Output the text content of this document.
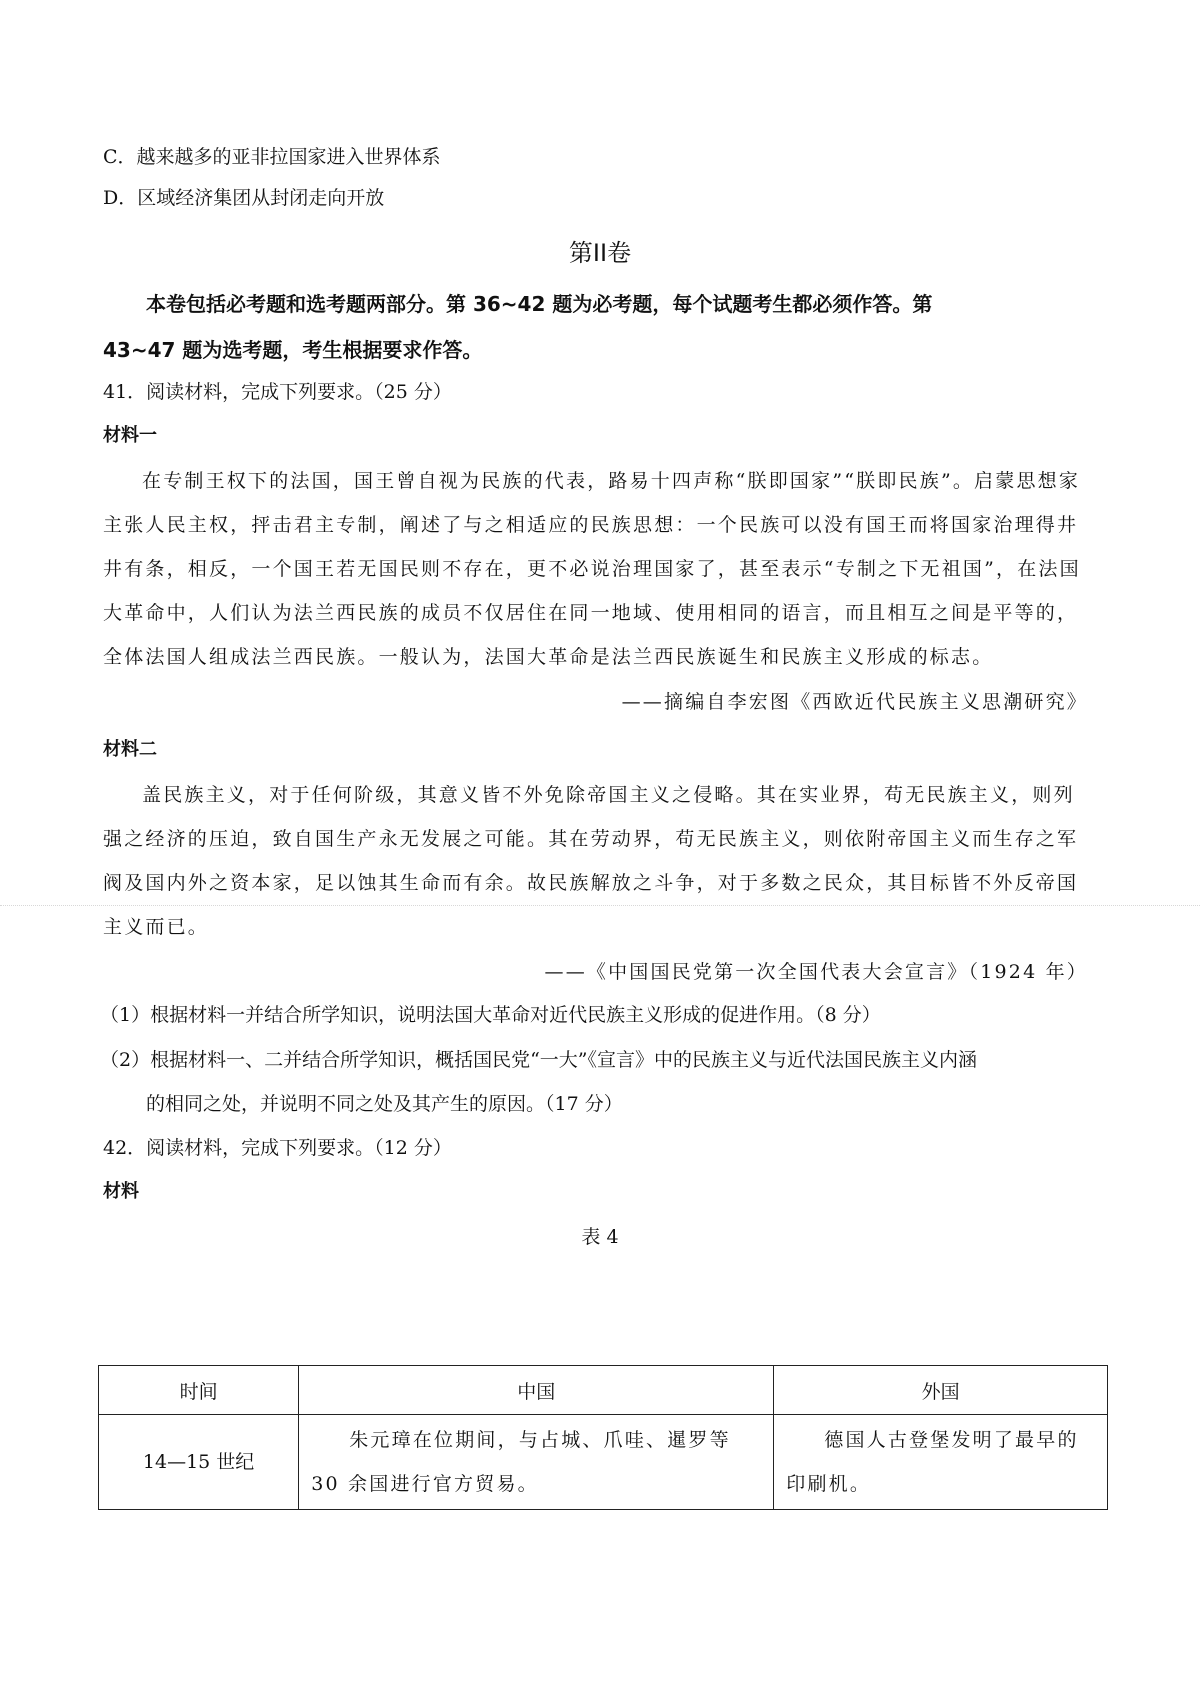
C．越来越多的亚非拉国家进入世界体系
D．区域经济集团从封闭走向开放
第II卷
本卷包括必考题和选考题两部分。第 36~42 题为必考题，每个试题考生都必须作答。第
43~47 题为选考题，考生根据要求作答。
41．阅读材料，完成下列要求。（25 分）
材料一
在专制王权下的法国，国王曾自视为民族的代表，路易十四声称“朕即国家”“朕即民族”。启蒙思想家
主张人民主权，抨击君主专制，阐述了与之相适应的民族思想：一个民族可以没有国王而将国家治理得井
井有条，相反，一个国王若无国民则不存在，更不必说治理国家了，甚至表示“专制之下无祖国”，在法国
大革命中，人们认为法兰西民族的成员不仅居住在同一地域、使用相同的语言，而且相互之间是平等的，
全体法国人组成法兰西民族。一般认为，法国大革命是法兰西民族诞生和民族主义形成的标志。
——摘编自李宏图《西欧近代民族主义思潮研究》
材料二
盖民族主义，对于任何阶级，其意义皆不外免除帝国主义之侵略。其在实业界，苟无民族主义，则列
强之经济的压迫，致自国生产永无发展之可能。其在劳动界，苟无民族主义，则依附帝国主义而生存之军
阀及国内外之资本家，足以蚀其生命而有余。故民族解放之斗争，对于多数之民众，其目标皆不外反帝国
主义而已。
——《中国国民党第一次全国代表大会宣言》（1924 年）
（1）根据材料一并结合所学知识，说明法国大革命对近代民族主义形成的促进作用。（8 分）
（2）根据材料一、二并结合所学知识，概括国民党“一大”《宣言》中的民族主义与近代法国民族主义内涵
的相同之处，并说明不同之处及其产生的原因。（17 分）
42．阅读材料，完成下列要求。（12 分）
材料
表 4
时间	中国	外国
14—15 世纪	朱元璋在位期间，与占城、爪哇、暹罗等 30 余国进行官方贸易。	德国人古登堡发明了最早的印刷机。
